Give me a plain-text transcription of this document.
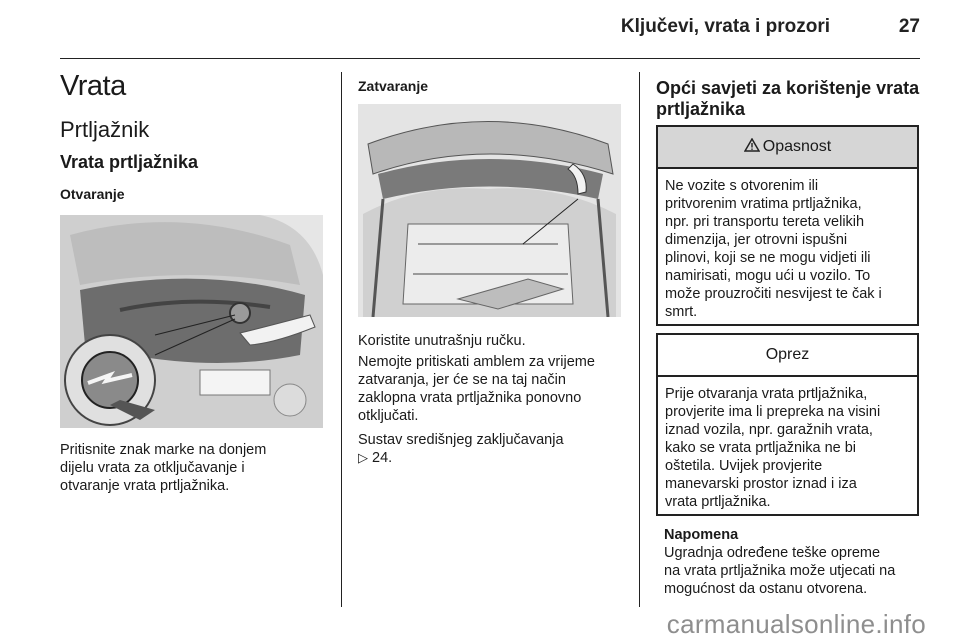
Ključevi, vrata i prozori	27
Vrata
Prtljažnik
Vrata prtljažnika
Otvaranje
Pritisnite znak marke na donjem
dijelu vrata za otključavanje i
otvaranje vrata prtljažnika.
Zatvaranje
Koristite unutrašnju ručku.
Nemojte pritiskati amblem za vrijeme
zatvaranja, jer će se na taj način
zaklopna vrata prtljažnika ponovno
otključati.
Sustav središnjeg zaključavanja
▷ 24.
Opći savjeti za korištenje vrata
prtljažnika
Opasnost
Ne vozite s otvorenim ili
pritvorenim vratima prtljažnika,
npr. pri transportu tereta velikih
dimenzija, jer otrovni ispušni
plinovi, koji se ne mogu vidjeti ili
namirisati, mogu ući u vozilo. To
može prouzročiti nesvijest te čak i
smrt.
Oprez
Prije otvaranja vrata prtljažnika,
provjerite ima li prepreka na visini
iznad vozila, npr. garažnih vrata,
kako se vrata prtljažnika ne bi
oštetila. Uvijek provjerite
manevarski prostor iznad i iza
vrata prtljažnika.
Napomena
Ugradnja određene teške opreme
na vrata prtljažnika može utjecati na
mogućnost da ostanu otvorena.
carmanualsonline.info
